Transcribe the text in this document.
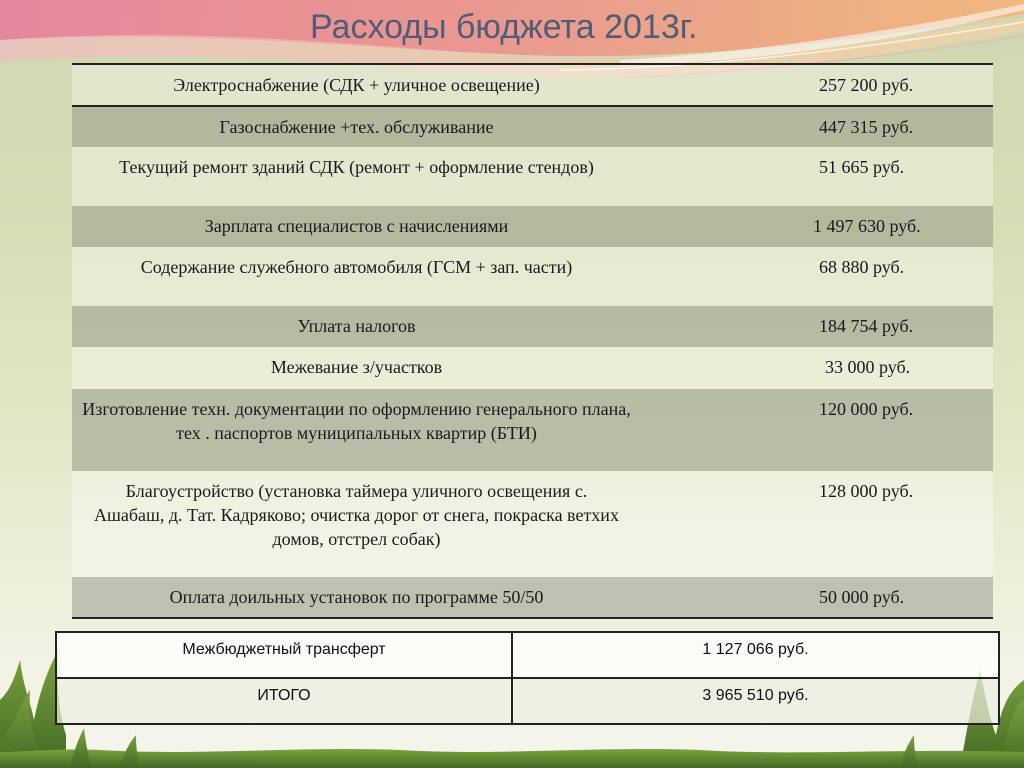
Расходы бюджета 2013г.
Электроснабжение (СДК + уличное освещение)	257 200 руб.
Газоснабжение +тех. обслуживание	447 315 руб.
Текущий ремонт зданий СДК (ремонт + оформление стендов)	51 665 руб.
Зарплата специалистов с начислениями	1 497 630 руб.
Содержание служебного автомобиля (ГСМ + зап. части)	68 880 руб.
Уплата налогов	184 754 руб.
Межевание з/участков	33 000 руб.
Изготовление техн. документации по оформлению генерального плана, тех . паспортов муниципальных квартир (БТИ)	120 000 руб.
Благоустройство (установка таймера уличного освещения с. Ашабаш, д. Тат. Кадряково; очистка дорог от снега, покраска ветхих домов, отстрел собак)	128 000 руб.
Оплата доильных установок по программе 50/50	50 000 руб.
Межбюджетный трансферт	1 127 066 руб.
ИТОГО	3 965 510 руб.
